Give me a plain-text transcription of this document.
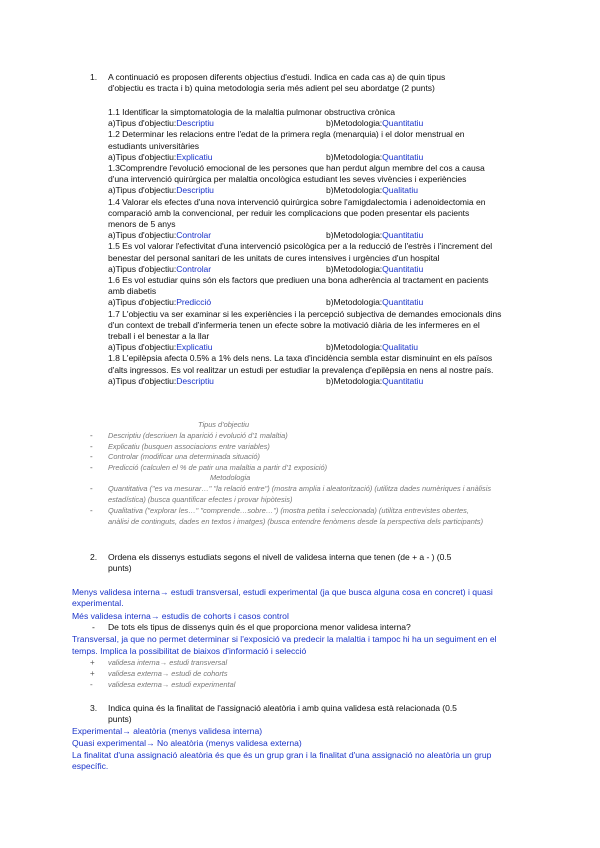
1. A continuació es proposen diferents objectius d'estudi. Indica en cada cas a) de quin tipus
d'objectiu es tracta i b) quina metodologia seria més adient pel seu abordatge (2 punts)
1.1 Identificar la simptomatologia de la malaltia pulmonar obstructiva crònica
a)Tipus d'objectiu:Descriptiu	b)Metodologia:Quantitatiu
1.2 Determinar les relacions entre l'edat de la primera regla (menarquia) i el dolor menstrual en
estudiants universitàries
a)Tipus d'objectiu:Explicatiu	b)Metodologia:Quantitatiu
1.3Comprendre l'evolució emocional de les persones que han perdut algun membre del cos a causa
d'una intervenció quirúrgica per malaltia oncològica estudiant les seves vivències i experiències
a)Tipus d'objectiu:Descriptiu	b)Metodologia:Qualitatiu
1.4 Valorar els efectes d'una nova intervenció quirúrgica sobre l'amigdalectomia i adenoidectomia en
comparació amb la convencional, per reduir les complicacions que poden presentar els pacients
menors de 5 anys
a)Tipus d'objectiu:Controlar	b)Metodologia:Quantitatiu
1.5 Es vol valorar l'efectivitat d'una intervenció psicològica per a la reducció de l'estrès i l'increment del
benestar del personal sanitari de les unitats de cures intensives i urgències d'un hospital
a)Tipus d'objectiu:Controlar	b)Metodologia:Quantitatiu
1.6 Es vol estudiar quins són els factors que prediuen una bona adherència al tractament en pacients
amb diabetis
a)Tipus d'objectiu:Predicció	b)Metodologia:Quantitatiu
1.7 L'objectiu va ser examinar si les experiències i la percepció subjectiva de demandes emocionals dins
d'un context de treball d'infermeria tenen un efecte sobre la motivació diària de les infermeres en el
treball i el benestar a la llar
a)Tipus d'objectiu:Explicatiu	b)Metodologia:Qualitatiu
1.8 L'epilèpsia afecta 0.5% a 1% dels nens. La taxa d'incidència sembla estar disminuint en els països
d'alts ingressos. Es vol realitzar un estudi per estudiar la prevalença d'epilèpsia en nens al nostre país.
a)Tipus d'objectiu:Descriptiu	b)Metodologia:Quantitatiu
Tipus d'objectiu
- Descriptiu (descriuen la aparició i evolució d'1 malaltia)
- Explicatiu (busquen associacions entre variables)
- Controlar (modificar una determinada situació)
- Predicció (calculen el % de patir una malaltia a partir d'1 exposició)
Metodologia
- Quantitativa ("es va mesurar…" "la relació entre") (mostra amplia i aleatorització) (utilitza dades numèriques i anàlisis
estadística) (busca quantificar efectes i provar hipòtesis)
- Qualitativa ("explorar les…" "comprende…sobre…") (mostra petita i seleccionada) (utilitza entrevistes obertes,
anàlisi de continguts, dades en textos i imatges) (busca entendre fenòmens desde la perspectiva dels participants)
2. Ordena els dissenys estudiats segons el nivell de validesa interna que tenen (de + a - ) (0.5
punts)
Menys validesa interna→ estudi transversal, estudi experimental (ja que busca alguna cosa en concret) i quasi
experimental.
Més validesa interna→ estudis de cohorts i casos control
- De tots els tipus de dissenys quin és el que proporciona menor validesa interna?
Transversal, ja que no permet determinar si l'exposició va predecir la malaltia i tampoc hi ha un seguiment en el
temps. Implica la possibilitat de biaixos d'informació i selecció
+ validesa interna→ estudi transversal
+ validesa externa→ estudi de cohorts
- validesa externa→ estudi experimental
3. Indica quina és la finalitat de l'assignació aleatòria i amb quina validesa està relacionada (0.5
punts)
Experimental→ aleatòria (menys validesa interna)
Quasi experimental→ No aleatòria (menys validesa externa)
La finalitat d'una assignació aleatòria és que és un grup gran i la finalitat d'una assignació no aleatòria un grup
específic.
